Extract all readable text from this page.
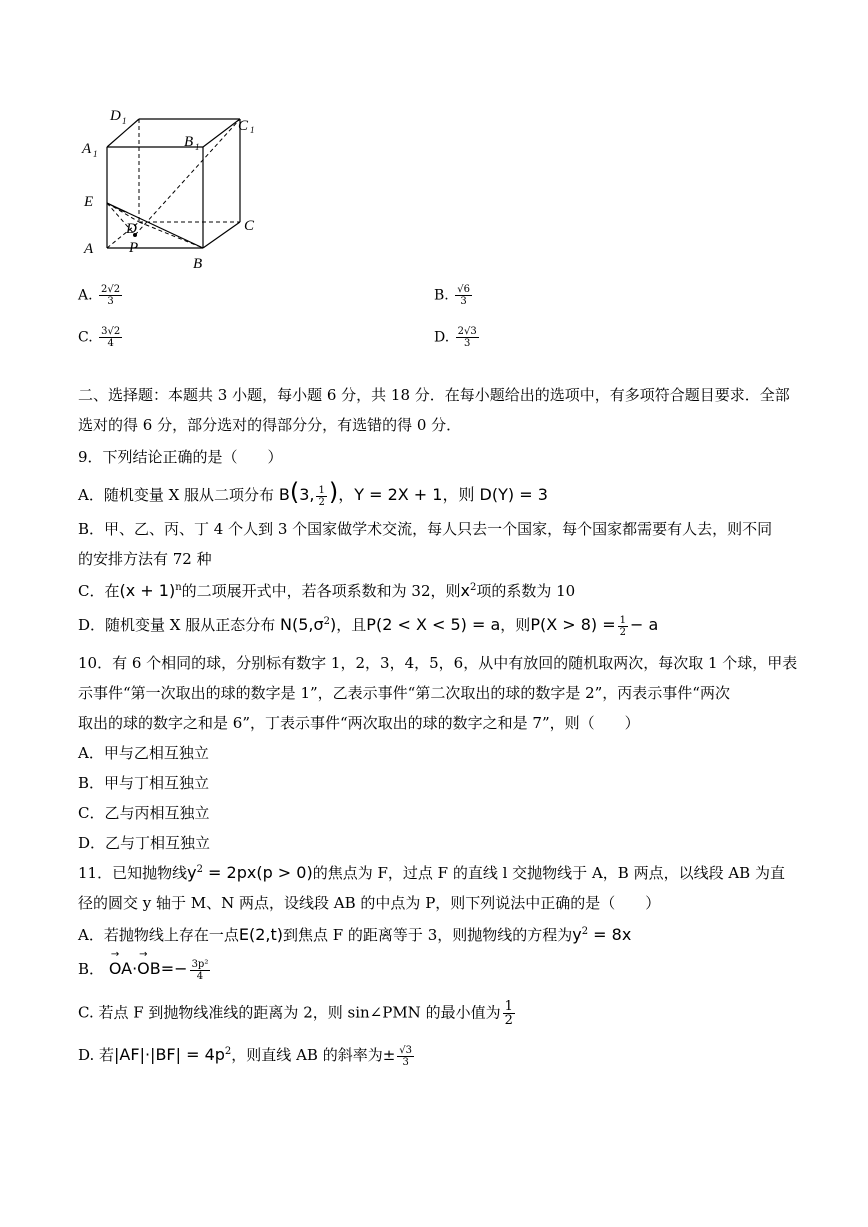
D 1	C 1
A 1
B 1
E
D	C
A P
B
A. $\frac{2√2}{3}$	B. $\frac{√6}{3}$
C. $\frac{3√2}{4}$	D. $\frac{2√3}{3}$
二、选择题：本题共 3 小题，每小题 6 分，共 18 分．在每小题给出的选项中，有多项符合题目要求．全部
选对的得 6 分，部分选对的得部分分，有选错的得 0 分．
9．下列结论正确的是（　　）
A．随机变量 X 服从二项分布 B(3, $\frac{1}{2}$ )，Y = 2X + 1，则 D(Y) = 3
B．甲、乙、丙、丁 4 个人到 3 个国家做学术交流，每人只去一个国家，每个国家都需要有人去，则不同
的安排方法有 72 种
C．在$(x + 1)^n$的二项展开式中，若各项系数和为 32，则$x^2$项的系数为 10
D．随机变量 X 服从正态分布 $N(5,\sigma^2)$，且P(2 < X < 5) = a，则$P(X > 8) = \frac{1}{2} - a$
10．有 6 个相同的球，分别标有数字 1，2，3，4，5，6，从中有放回的随机取两次，每次取 1 个球，甲表
示事件“第一次取出的球的数字是 1”，乙表示事件“第二次取出的球的数字是 2”，丙表示事件“两次
取出的球的数字之和是 6”，丁表示事件“两次取出的球的数字之和是 7”，则（　　）
A．甲与乙相互独立
B．甲与丁相互独立
C．乙与丙相互独立
D．乙与丁相互独立
11．已知抛物线$y^2 = 2px(p > 0)$的焦点为 F，过点 F 的直线 l 交抛物线于 A，B 两点，以线段 AB 为直
径的圆交 y 轴于 M、N 两点，设线段 AB 的中点为 P，则下列说法中正确的是（　　）
A．若抛物线上存在一点E(2,t)到焦点 F 的距离等于 3，则抛物线的方程为$y^2 = 8x$
B．
→
OA·
→
$OB=- \frac{\text{3p²}}{4}$
C. 若点 F 到抛物线准线的距离为 2，则 sin∠PMN 的最小值为 $\frac{1}{2}$
D. 若$|AF|\cdot|BF| = 4p^2$，则直线 AB 的斜率为± $\frac{√3}{3}$
